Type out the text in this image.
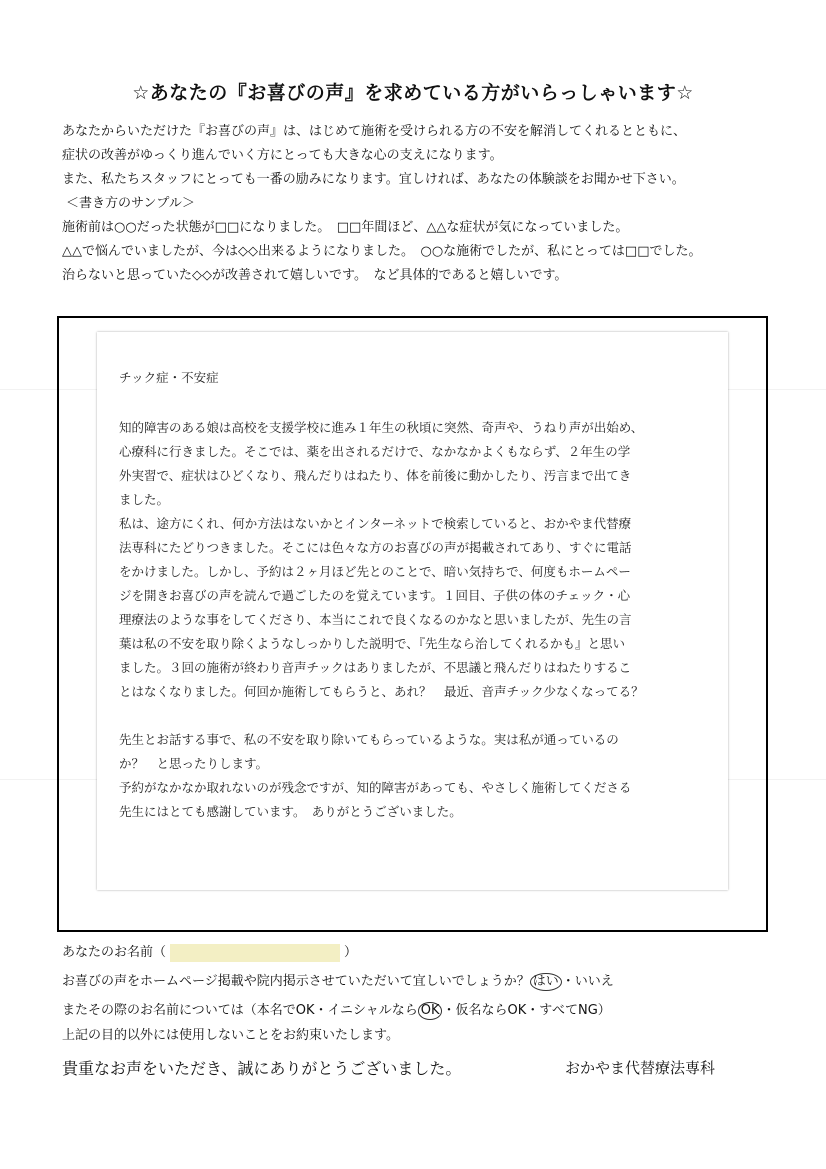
☆あなたの『お喜びの声』を求めている方がいらっしゃいます☆
あなたからいただけた『お喜びの声』は、はじめて施術を受けられる方の不安を解消してくれるとともに、
症状の改善がゆっくり進んでいく方にとっても大きな心の支えになります。
また、私たちスタッフにとっても一番の励みになります。宜しければ、あなたの体験談をお聞かせ下さい。
＜書き方のサンプル＞
施術前は○○だった状態が□□になりました。　□□年間ほど、△△な症状が気になっていました。
△△で悩んでいましたが、今は◇◇出来るようになりました。　○○な施術でしたが、私にとっては□□でした。
治らないと思っていた◇◇が改善されて嬉しいです。　など具体的であると嬉しいです。
チック症・不安症
知的障害のある娘は高校を支援学校に進み１年生の秋頃に突然、奇声や、うねり声が出始め、
心療科に行きました。そこでは、薬を出されるだけで、なかなかよくもならず、２年生の学
外実習で、症状はひどくなり、飛んだりはねたり、体を前後に動かしたり、汚言まで出てき
ました。
私は、途方にくれ、何か方法はないかとインターネットで検索していると、おかやま代替療
法専科にたどりつきました。そこには色々な方のお喜びの声が掲載されてあり、すぐに電話
をかけました。しかし、予約は２ヶ月ほど先とのことで、暗い気持ちで、何度もホームペー
ジを開きお喜びの声を読んで過ごしたのを覚えています。１回目、子供の体のチェック・心
理療法のような事をしてくださり、本当にこれで良くなるのかなと思いましたが、先生の言
葉は私の不安を取り除くようなしっかりした説明で、『先生なら治してくれるかも』と思い
ました。３回の施術が終わり音声チックはありましたが、不思議と飛んだりはねたりするこ
とはなくなりました。何回か施術してもらうと、あれ？　最近、音声チック少なくなってる？
先生とお話する事で、私の不安を取り除いてもらっているような。実は私が通っているの
か？　と思ったりします。
予約がなかなか取れないのが残念ですが、知的障害があっても、やさしく施術してくださる
先生にはとても感謝しています。　ありがとうございました。
あなたのお名前（	）
お喜びの声をホームページ掲載や院内掲示させていただいて宜しいでしょうか？ はい ・いいえ
またその際のお名前については（本名でOK・イニシャルなら OK ・仮名ならOK・すべてNG）
上記の目的以外には使用しないことをお約束いたします。
貴重なお声をいただき、誠にありがとうございました。	おかやま代替療法専科
